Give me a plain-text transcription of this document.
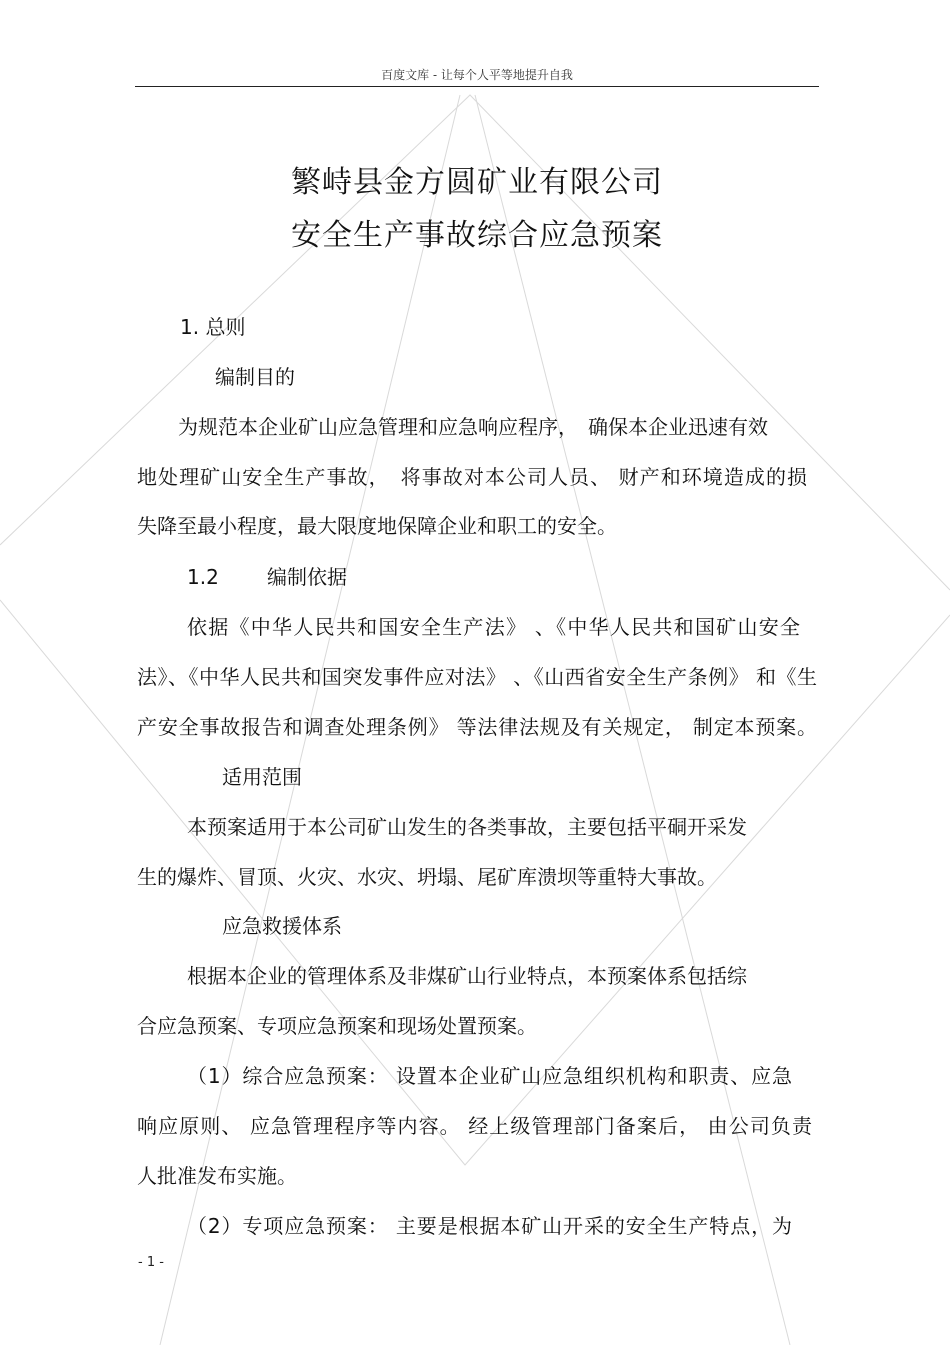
百度文库 - 让每个人平等地提升自我
繁峙县金方圆矿业有限公司
安全生产事故综合应急预案
1. 总则
编制目的
为规范本企业矿山应急管理和应急响应程序，　确保本企业迅速有效
地处理矿山安全生产事故，　将事故对本公司人员、 财产和环境造成的损
失降至最小程度，最大限度地保障企业和职工的安全。
1.2 编制依据
依据《中华人民共和国安全生产法》 、《中华人民共和国矿山安全
法》、《中华人民共和国突发事件应对法》 、《山西省安全生产条例》 和《生
产安全事故报告和调查处理条例》 等法律法规及有关规定， 制定本预案。
适用范围
本预案适用于本公司矿山发生的各类事故，主要包括平硐开采发
生的爆炸、冒顶、火灾、水灾、坍塌、尾矿库溃坝等重特大事故。
应急救援体系
根据本企业的管理体系及非煤矿山行业特点，本预案体系包括综
合应急预案、专项应急预案和现场处置预案。
（1）综合应急预案： 设置本企业矿山应急组织机构和职责、应急
响应原则、 应急管理程序等内容。 经上级管理部门备案后， 由公司负责
人批准发布实施。
（2）专项应急预案： 主要是根据本矿山开采的安全生产特点，为
- 1 -
